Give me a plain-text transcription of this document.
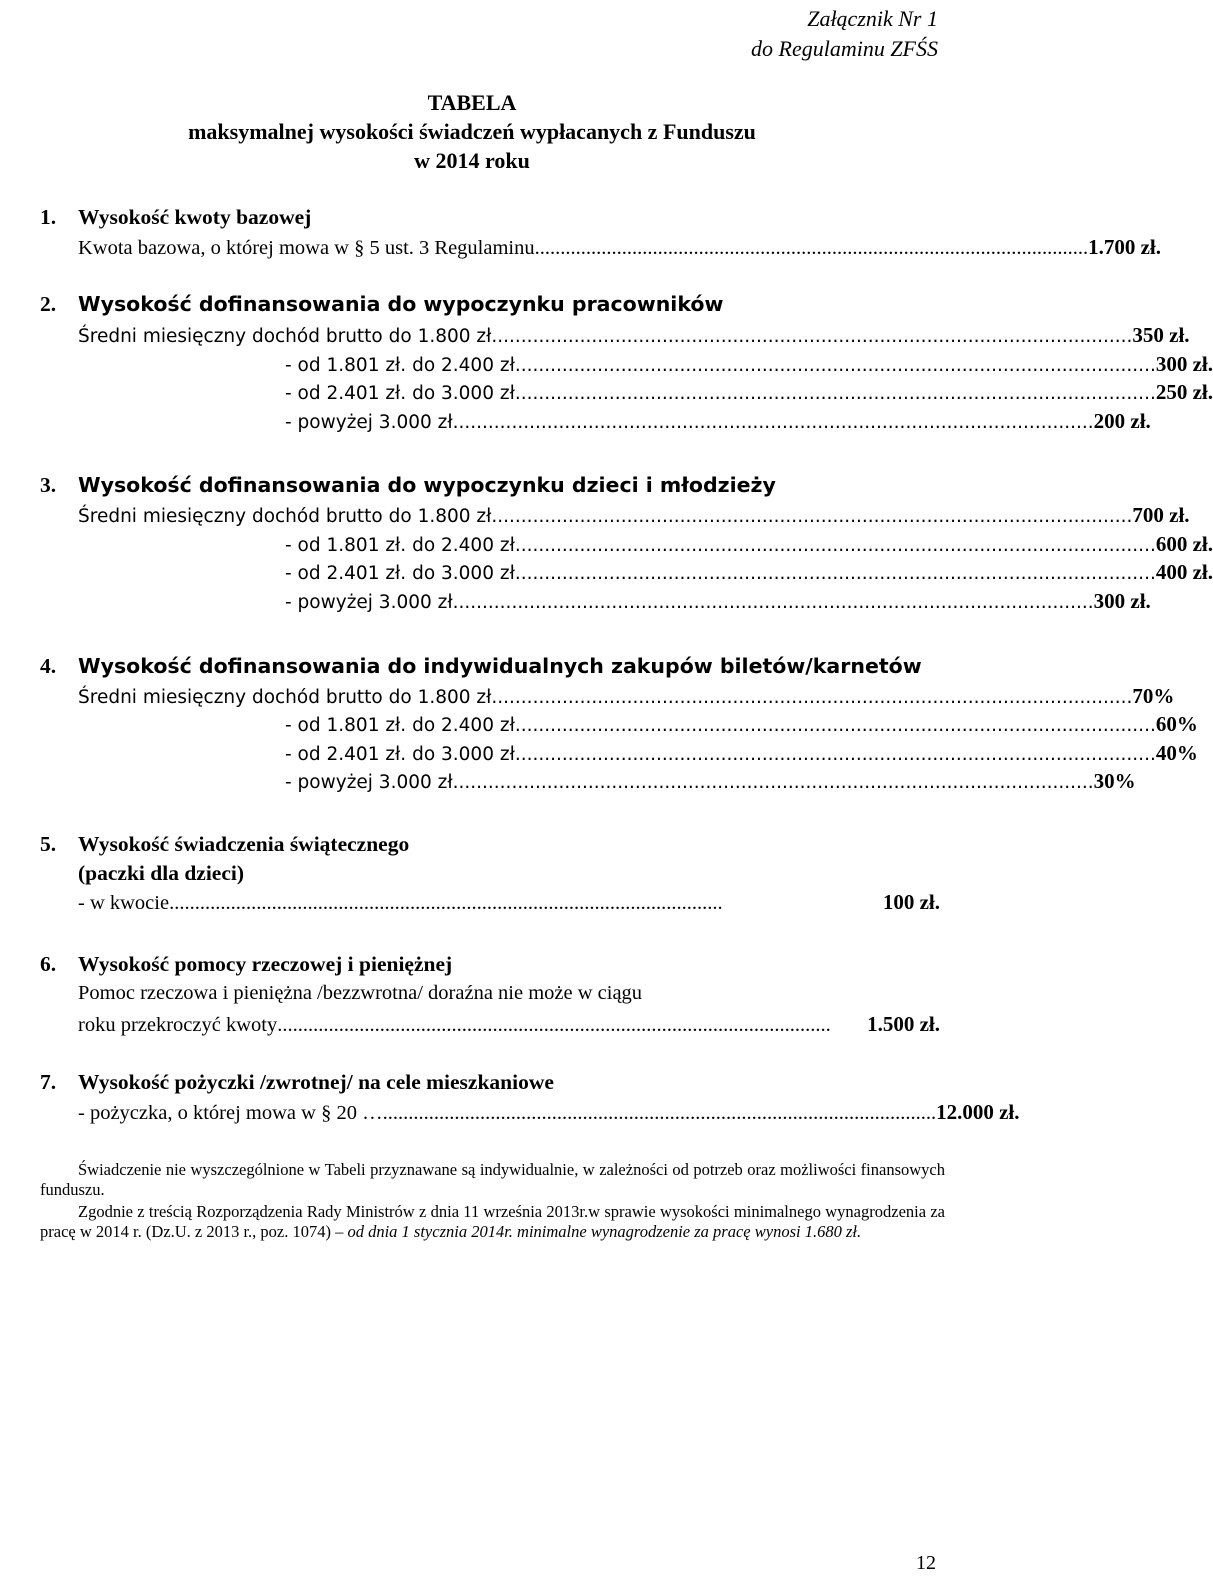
Załącznik Nr 1
do Regulaminu ZFŚS
TABELA
maksymalnej wysokości świadczeń wypłacanych z Funduszu
w 2014 roku
1. Wysokość kwoty bazowej
Kwota bazowa, o której mowa w § 5 ust. 3 Regulaminu ............................................................................................................ 1.700 zł.
2. Wysokość dofinansowania do wypoczynku pracowników
Średni miesięczny dochód brutto do 1.800 zł. ............................................................................................................ 350 zł.
- od 1.801 zł. do 2.400 zł. ............................................................................................................ 300 zł.
- od 2.401 zł. do 3.000 zł. ............................................................................................................ 250 zł.
- powyżej 3.000 zł. ............................................................................................................ 200 zł.
3. Wysokość dofinansowania do wypoczynku dzieci i młodzieży
Średni miesięczny dochód brutto do 1.800 zł. ............................................................................................................ 700 zł.
- od 1.801 zł. do 2.400 zł. ............................................................................................................ 600 zł.
- od 2.401 zł. do 3.000 zł. ............................................................................................................ 400 zł.
- powyżej 3.000 zł. ............................................................................................................ 300 zł.
4. Wysokość dofinansowania do indywidualnych zakupów biletów/karnetów
Średni miesięczny dochód brutto do 1.800 zł. ............................................................................................................ 70%
- od 1.801 zł. do 2.400 zł. ............................................................................................................ 60%
- od 2.401 zł. do 3.000 zł. ............................................................................................................ 40%
- powyżej 3.000 zł. ............................................................................................................ 30%
5. Wysokość świadczenia świątecznego
(paczki dla dzieci)
- w kwocie ............................................................................................................	100 zł.
6. Wysokość pomocy rzeczowej i pieniężnej
Pomoc rzeczowa i pieniężna /bezzwrotna/ doraźna nie może w ciągu
roku przekroczyć kwoty ............................................................................................................	1.500 zł.
7. Wysokość pożyczki /zwrotnej/ na cele mieszkaniowe
- pożyczka, o której mowa w § 20 … ............................................................................................................ 12.000 zł.

Świadczenie nie wyszczególnione w Tabeli przyznawane są indywidualnie, w zależności od potrzeb oraz możliwości finansowych funduszu.

Zgodnie z treścią Rozporządzenia Rady Ministrów z dnia 11 września 2013r.w sprawie wysokości minimalnego wynagrodzenia za pracę w 2014 r. (Dz.U. z 2013 r., poz. 1074) – od dnia 1 stycznia 2014r. minimalne wynagrodzenie za pracę wynosi 1.680 zł.

12
